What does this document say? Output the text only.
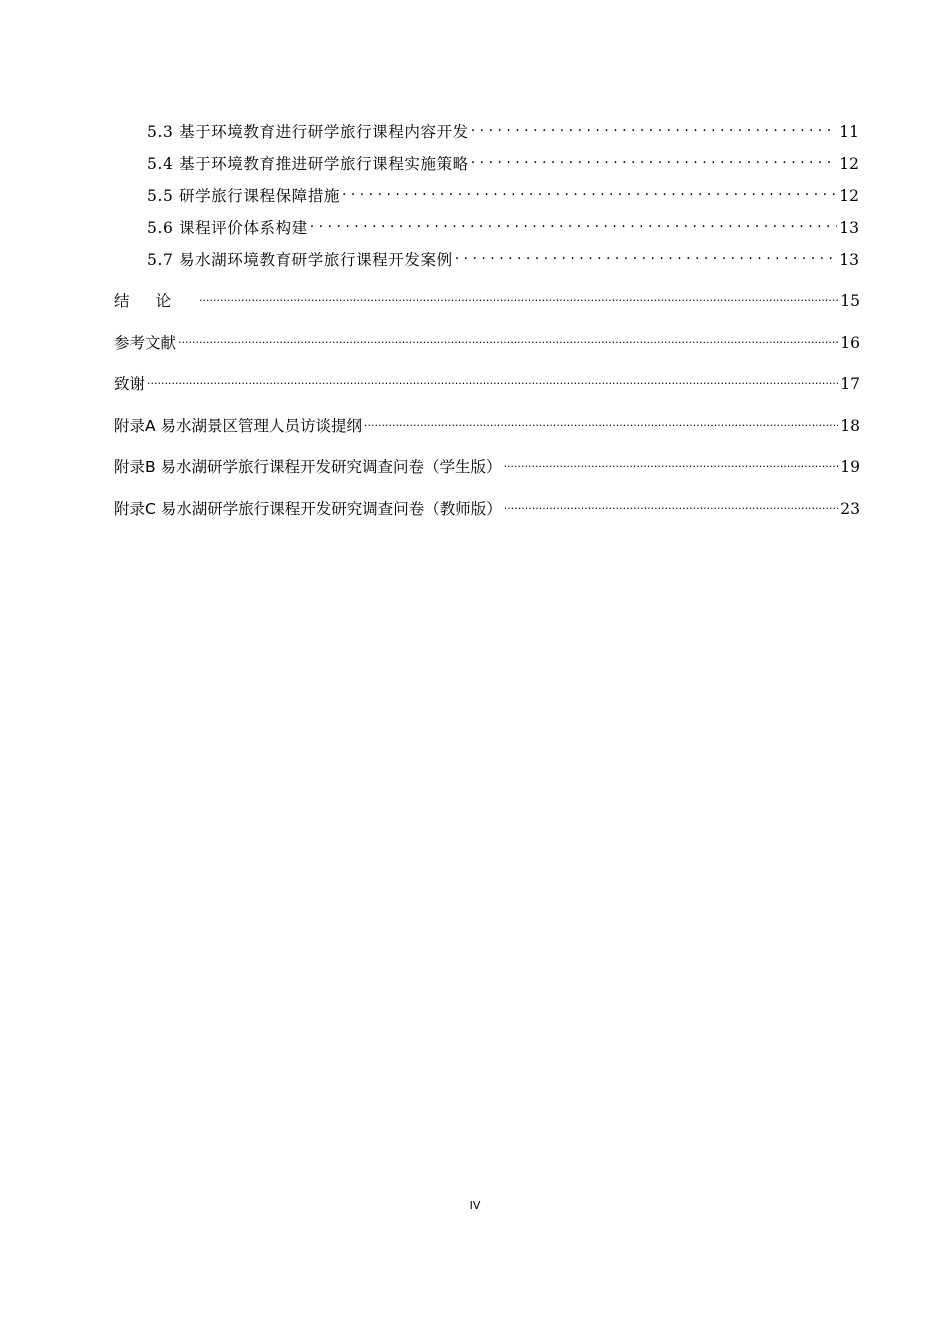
5.3 基于环境教育进行研学旅行课程内容开发 . . .	11
5.4 基于环境教育推进研学旅行课程实施策略 . . .	12
5.5 研学旅行课程保障措施 . . .	12
5.6 课程评价体系构建 . . .	13
5.7 易水湖环境教育研学旅行课程开发案例 . . .	13
结论 .....	15
参考文献 .....	16
致谢 .....	17
附录A 易水湖景区管理人员访谈提纲 .....	18
附录B 易水湖研学旅行课程开发研究调查问卷（学生版） .....	19
附录C 易水湖研学旅行课程开发研究调查问卷（教师版） .....	23
IV
